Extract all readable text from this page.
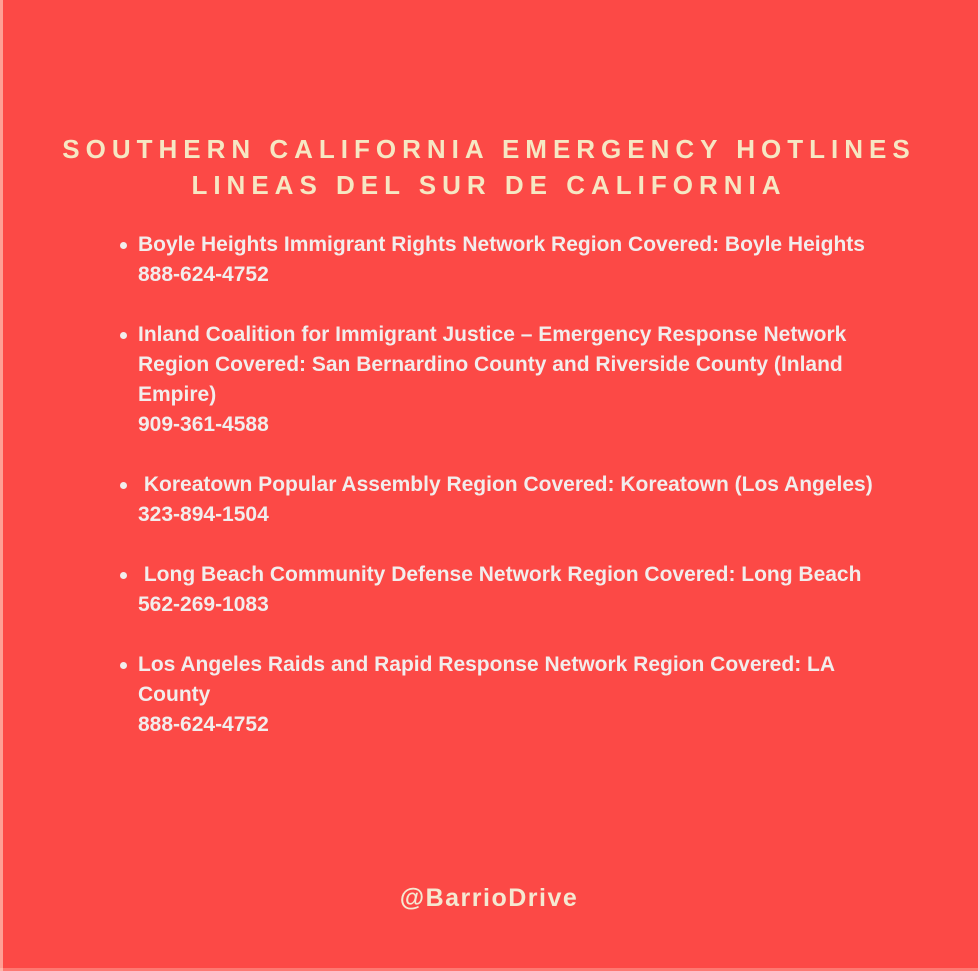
SOUTHERN CALIFORNIA EMERGENCY HOTLINES
LINEAS DEL SUR DE CALIFORNIA
Boyle Heights Immigrant Rights Network Region Covered: Boyle Heights
888-624-4752
Inland Coalition for Immigrant Justice – Emergency Response Network
Region Covered: San Bernardino County and Riverside County (Inland
Empire)
909-361-4588
Koreatown Popular Assembly Region Covered: Koreatown (Los Angeles)
323-894-1504
Long Beach Community Defense Network Region Covered: Long Beach
562-269-1083
Los Angeles Raids and Rapid Response Network Region Covered: LA
County
888-624-4752
@BarrioDrive
